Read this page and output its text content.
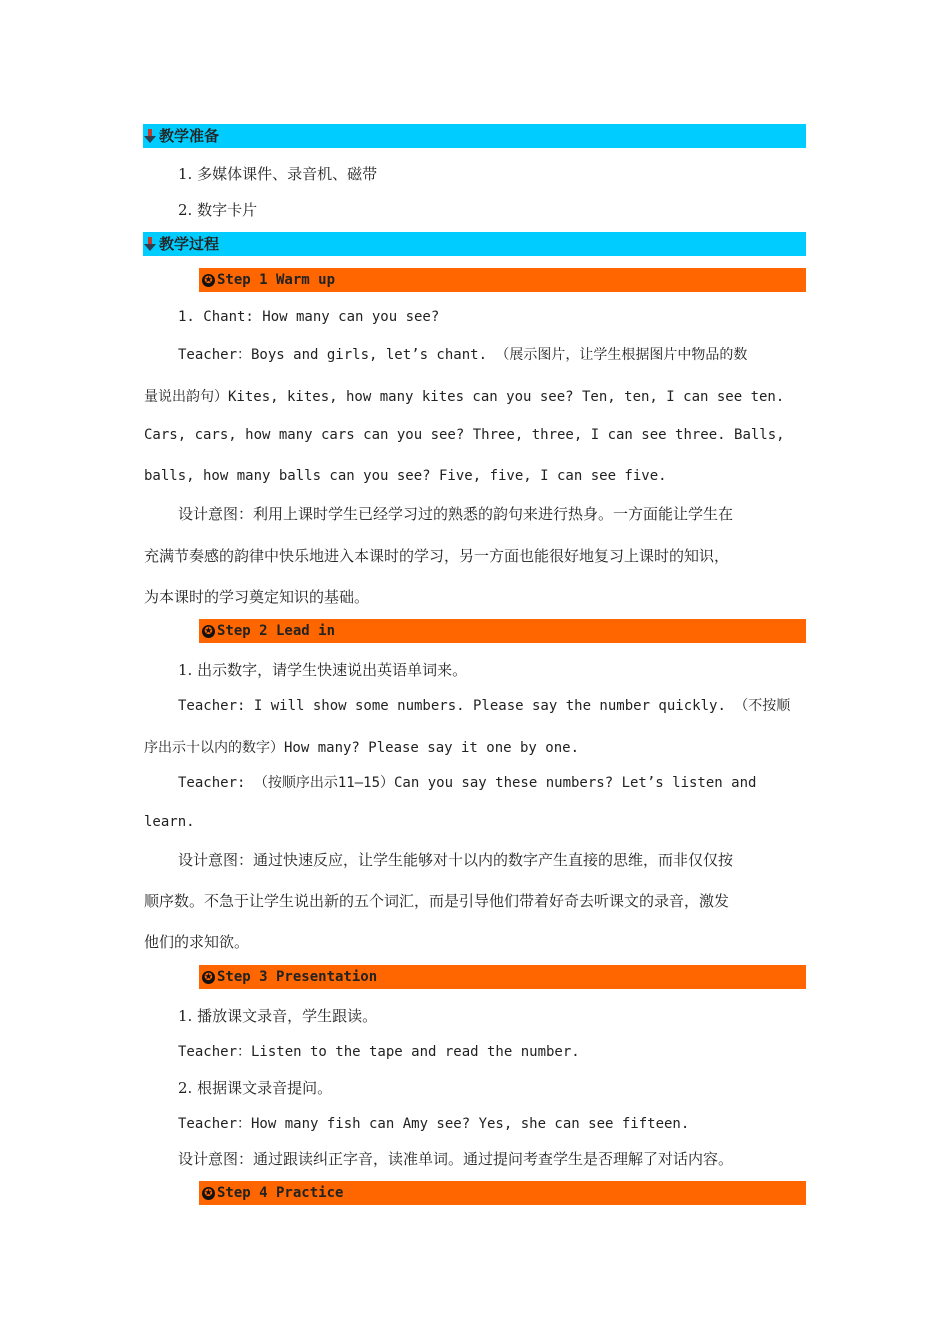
教学准备
1. 多媒体课件、录音机、磁带
2. 数字卡片
教学过程
✪ Step 1 Warm up
1. Chant: How many can you see?
Teacher：Boys and girls, let’s chant. （展示图片，让学生根据图片中物品的数
量说出韵句）Kites, kites, how many kites can you see? Ten, ten, I can see ten.
Cars, cars, how many cars can you see? Three, three, I can see three. Balls,
balls, how many balls can you see? Five, five, I can see five.
设计意图：利用上课时学生已经学习过的熟悉的韵句来进行热身。一方面能让学生在
充满节奏感的韵律中快乐地进入本课时的学习，另一方面也能很好地复习上课时的知识，
为本课时的学习奠定知识的基础。
✪ Step 2 Lead in
1. 出示数字，请学生快速说出英语单词来。
Teacher: I will show some numbers. Please say the number quickly. （不按顺
序出示十以内的数字）How many? Please say it one by one.
Teacher: （按顺序出示11—15）Can you say these numbers? Let’s listen and
learn.
设计意图：通过快速反应，让学生能够对十以内的数字产生直接的思维，而非仅仅按
顺序数。不急于让学生说出新的五个词汇，而是引导他们带着好奇去听课文的录音，激发
他们的求知欲。
✪ Step 3 Presentation
1. 播放课文录音，学生跟读。
Teacher：Listen to the tape and read the number.
2. 根据课文录音提问。
Teacher：How many fish can Amy see? Yes, she can see fifteen.
设计意图：通过跟读纠正字音，读准单词。通过提问考查学生是否理解了对话内容。
✪ Step 4 Practice
